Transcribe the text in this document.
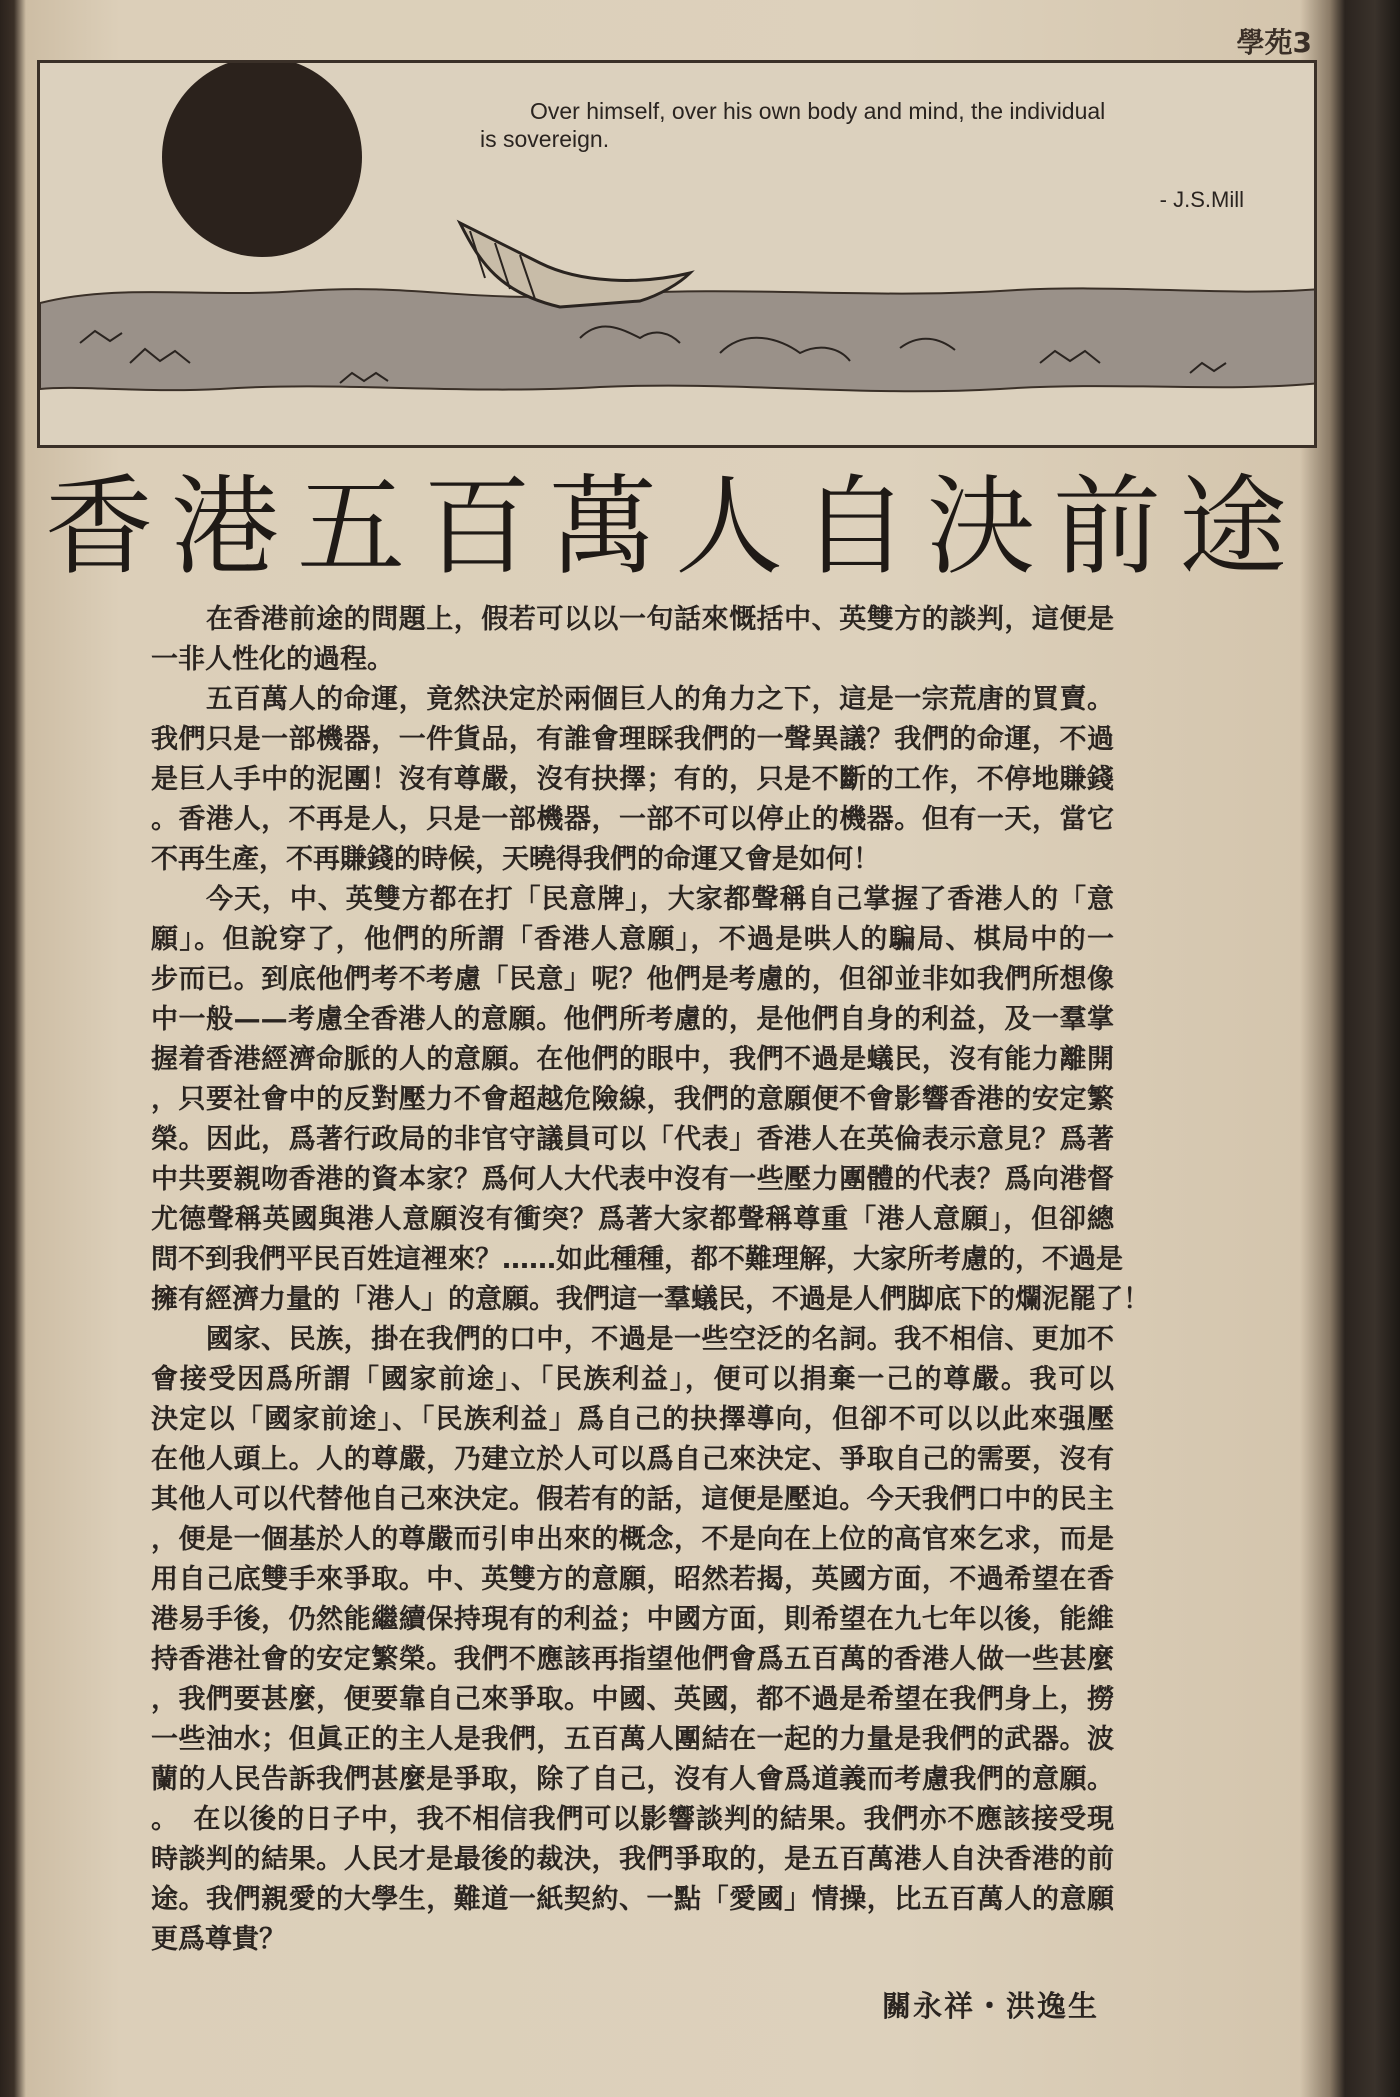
學苑3
Over himself, over his own body and mind, the individual
is sovereign.
- J.S.Mill
香港五百萬人自決前途
在香港前途的問題上，假若可以以一句話來慨括中、英雙方的談判，這便是
一非人性化的過程。
五百萬人的命運，竟然決定於兩個巨人的角力之下，這是一宗荒唐的買賣。
我們只是一部機器，一件貨品，有誰會理睬我們的一聲異議？我們的命運，不過
是巨人手中的泥團！沒有尊嚴，沒有抉擇；有的，只是不斷的工作，不停地賺錢
。香港人，不再是人，只是一部機器，一部不可以停止的機器。但有一天，當它
不再生產，不再賺錢的時候，天曉得我們的命運又會是如何！
今天，中、英雙方都在打「民意牌」，大家都聲稱自己掌握了香港人的「意
願」。但說穿了，他們的所謂「香港人意願」，不過是哄人的騙局、棋局中的一
步而已。到底他們考不考慮「民意」呢？他們是考慮的，但卻並非如我們所想像
中一般——考慮全香港人的意願。他們所考慮的，是他們自身的利益，及一羣掌
握着香港經濟命脈的人的意願。在他們的眼中，我們不過是蟻民，沒有能力離開
，只要社會中的反對壓力不會超越危險線，我們的意願便不會影響香港的安定繁
榮。因此，爲著行政局的非官守議員可以「代表」香港人在英倫表示意見？爲著
中共要親吻香港的資本家？爲何人大代表中沒有一些壓力團體的代表？爲向港督
尤德聲稱英國與港人意願沒有衝突？爲著大家都聲稱尊重「港人意願」，但卻總
問不到我們平民百姓這裡來？……如此種種，都不難理解，大家所考慮的，不過是
擁有經濟力量的「港人」的意願。我們這一羣蟻民，不過是人們脚底下的爛泥罷了！
國家、民族，掛在我們的口中，不過是一些空泛的名詞。我不相信、更加不
會接受因爲所謂「國家前途」、「民族利益」，便可以捐棄一己的尊嚴。我可以
決定以「國家前途」、「民族利益」爲自己的抉擇導向，但卻不可以以此來强壓
在他人頭上。人的尊嚴，乃建立於人可以爲自己來決定、爭取自己的需要，沒有
其他人可以代替他自己來決定。假若有的話，這便是壓迫。今天我們口中的民主
，便是一個基於人的尊嚴而引申出來的概念，不是向在上位的高官來乞求，而是
用自己底雙手來爭取。中、英雙方的意願，昭然若揭，英國方面，不過希望在香
港易手後，仍然能繼續保持現有的利益；中國方面，則希望在九七年以後，能維
持香港社會的安定繁榮。我們不應該再指望他們會爲五百萬的香港人做一些甚麼
，我們要甚麼，便要靠自己來爭取。中國、英國，都不過是希望在我們身上，撈
一些油水；但眞正的主人是我們，五百萬人團結在一起的力量是我們的武器。波
蘭的人民告訴我們甚麼是爭取，除了自己，沒有人會爲道義而考慮我們的意願。
。　在以後的日子中，我不相信我們可以影響談判的結果。我們亦不應該接受現
時談判的結果。人民才是最後的裁決，我們爭取的，是五百萬港人自決香港的前
途。我們親愛的大學生，難道一紙契約、一點「愛國」情操，比五百萬人的意願
更爲尊貴？
關永祥・洪逸生
